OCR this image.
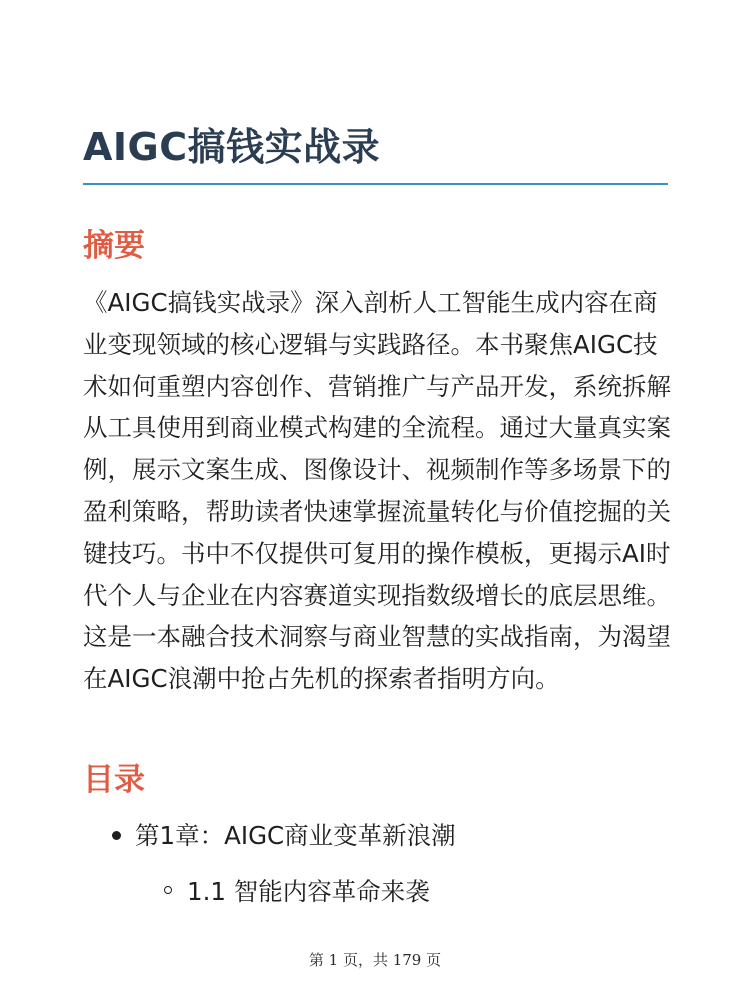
AIGC搞钱实战录
摘要

《AIGC搞钱实战录》深入剖析人工智能生成内容在商业变现领域的核心逻辑与实践路径。本书聚焦AIGC技术如何重塑内容创作、营销推广与产品开发，系统拆解从工具使用到商业模式构建的全流程。通过大量真实案例，展示文案生成、图像设计、视频制作等多场景下的盈利策略，帮助读者快速掌握流量转化与价值挖掘的关键技巧。书中不仅提供可复用的操作模板，更揭示AI时代个人与企业在内容赛道实现指数级增长的底层思维。这是一本融合技术洞察与商业智慧的实战指南，为渴望在AIGC浪潮中抢占先机的探索者指明方向。

目录
第1章：AIGC商业变革新浪潮
1.1 智能内容革命来袭
第 1 页，共 179 页
